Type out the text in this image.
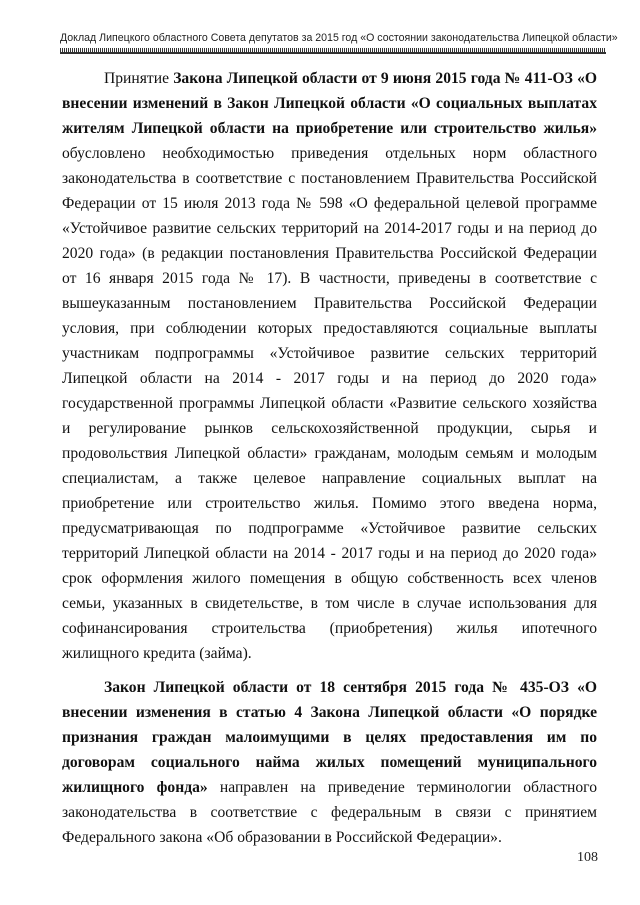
Доклад Липецкого областного Совета депутатов за 2015 год «О состоянии законодательства Липецкой области»

Принятие Закона Липецкой области от 9 июня 2015 года № 411-ОЗ «О внесении изменений в Закон Липецкой области «О социальных выплатах жителям Липецкой области на приобретение или строительство жилья» обусловлено необходимостью приведения отдельных норм областного законодательства в соответствие с постановлением Правительства Российской Федерации от 15 июля 2013 года № 598 «О федеральной целевой программе «Устойчивое развитие сельских территорий на 2014-2017 годы и на период до 2020 года» (в редакции постановления Правительства Российской Федерации от 16 января 2015 года № 17). В частности, приведены в соответствие с вышеуказанным постановлением Правительства Российской Федерации условия, при соблюдении которых предоставляются социальные выплаты участникам подпрограммы «Устойчивое развитие сельских территорий Липецкой области на 2014 - 2017 годы и на период до 2020 года» государственной программы Липецкой области «Развитие сельского хозяйства и регулирование рынков сельскохозяйственной продукции, сырья и продовольствия Липецкой области» гражданам, молодым семьям и молодым специалистам, а также целевое направление социальных выплат на приобретение или строительство жилья. Помимо этого введена норма, предусматривающая по подпрограмме «Устойчивое развитие сельских территорий Липецкой области на 2014 - 2017 годы и на период до 2020 года» срок оформления жилого помещения в общую собственность всех членов семьи, указанных в свидетельстве, в том числе в случае использования для софинансирования строительства (приобретения) жилья ипотечного жилищного кредита (займа).

Закон Липецкой области от 18 сентября 2015 года № 435-ОЗ «О внесении изменения в статью 4 Закона Липецкой области «О порядке признания граждан малоимущими в целях предоставления им по договорам социального найма жилых помещений муниципального жилищного фонда» направлен на приведение терминологии областного законодательства в соответствие с федеральным в связи с принятием Федерального закона «Об образовании в Российской Федерации».

108
